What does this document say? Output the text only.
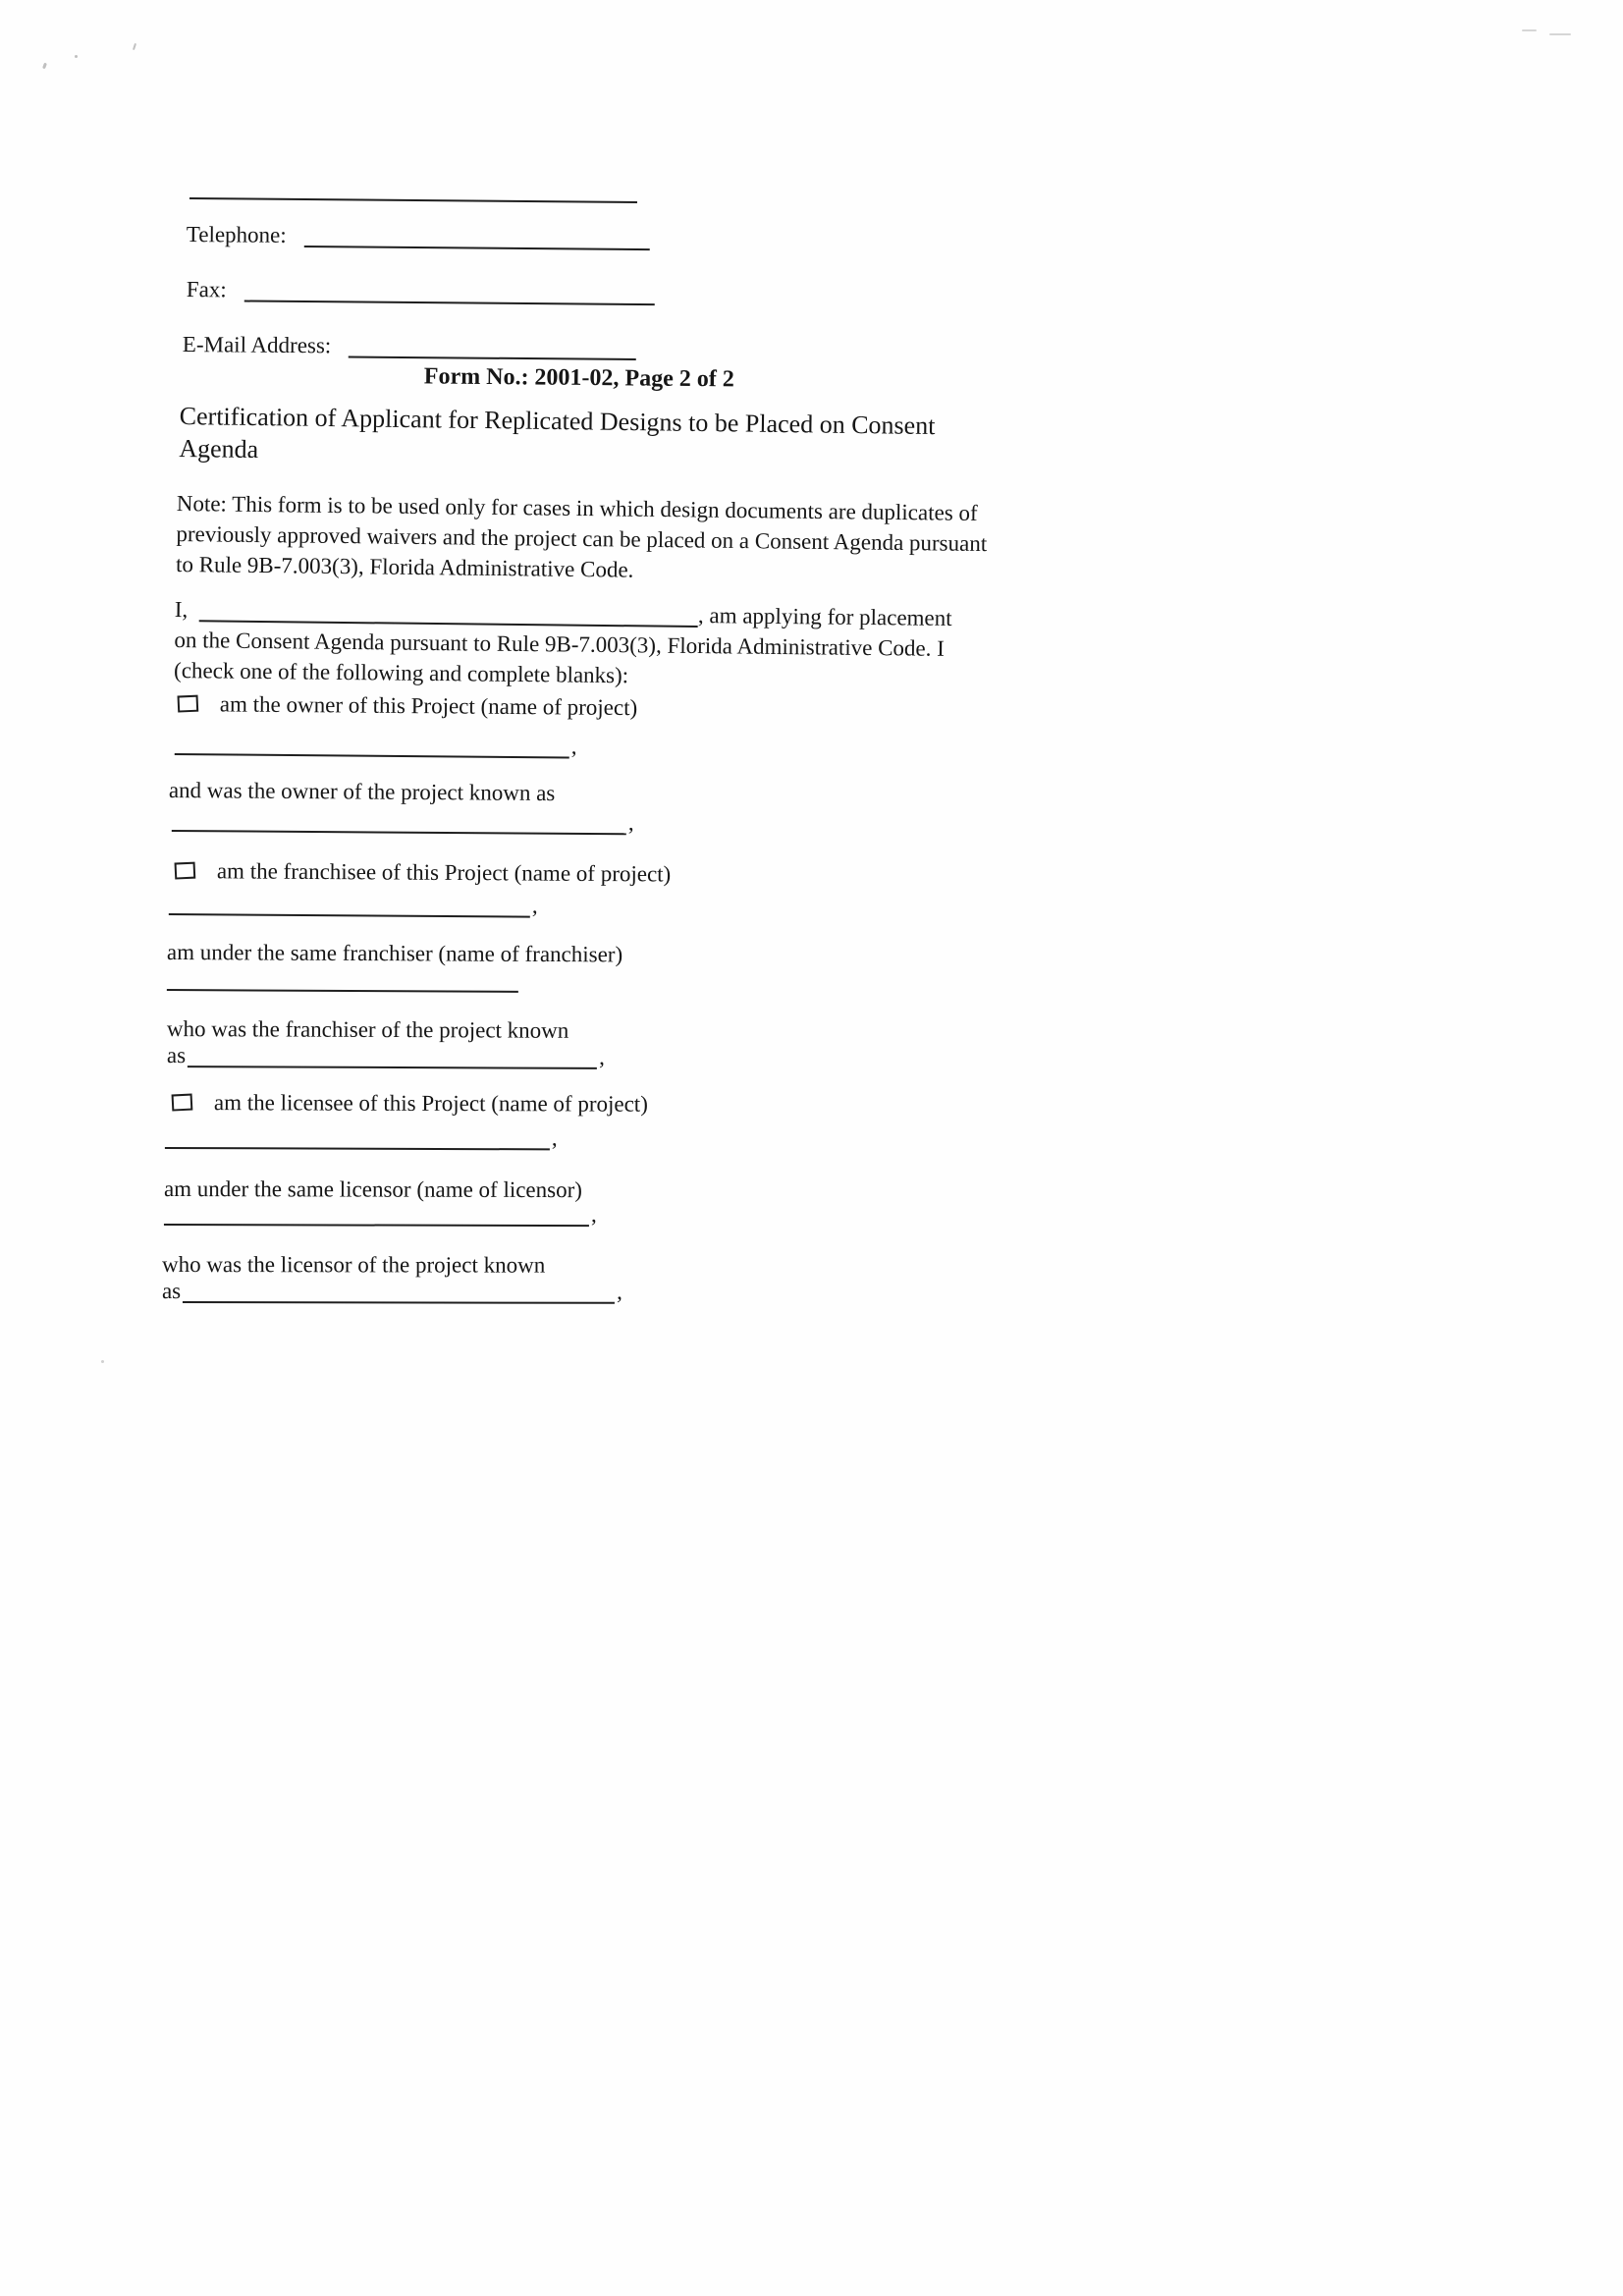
Telephone:
Fax:
E-Mail Address:
Form No.: 2001-02, Page 2 of 2
Certification of Applicant for Replicated Designs to be Placed on Consent
Agenda
Note: This form is to be used only for cases in which design documents are duplicates of
previously approved waivers and the project can be placed on a Consent Agenda pursuant
to Rule 9B-7.003(3), Florida Administrative Code.
I,	, am applying for placement
on the Consent Agenda pursuant to Rule 9B-7.003(3), Florida Administrative Code. I
(check one of the following and complete blanks):
am the owner of this Project (name of project)
,
and was the owner of the project known as
,
am the franchisee of this Project (name of project)
,
am under the same franchiser (name of franchiser)
who was the franchiser of the project known
as	,
am the licensee of this Project (name of project)
,
am under the same licensor (name of licensor)
,
who was the licensor of the project known
as	,
